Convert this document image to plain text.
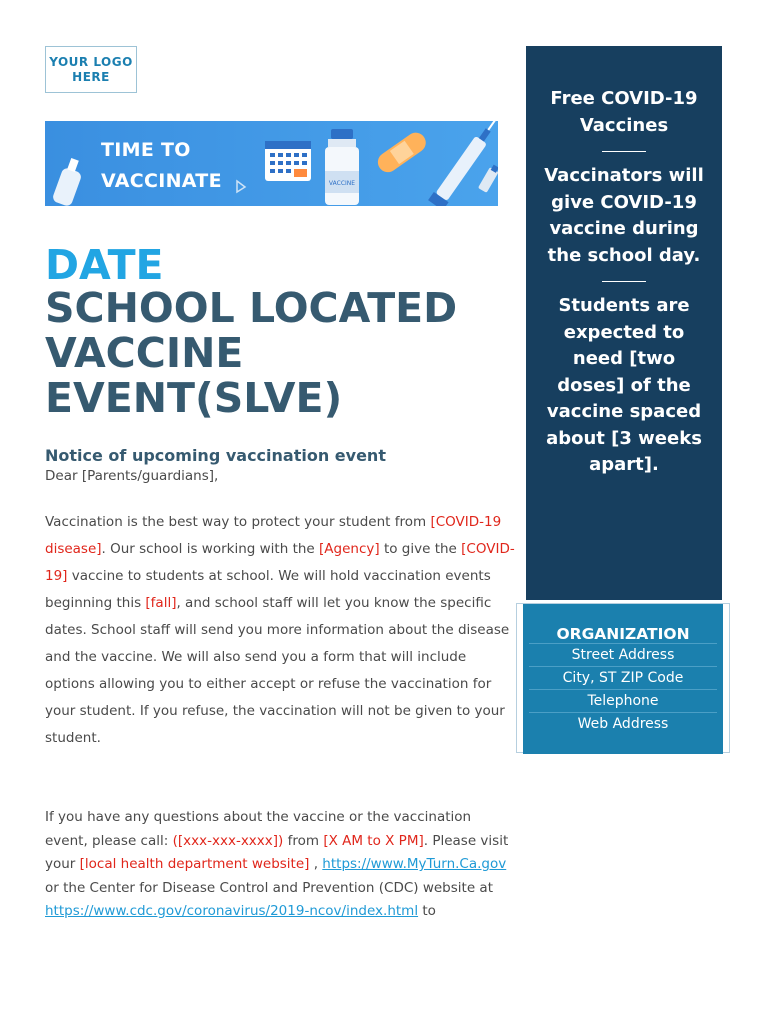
YOUR LOGO
HERE
VACCINE
TIME TO
VACCINATE
DATE
SCHOOL LOCATED
VACCINE
EVENT(SLVE)
Notice of upcoming vaccination event
Dear [Parents/guardians],
Vaccination is the best way to protect your student from [COVID-19 disease]. Our school is working with the [Agency] to give the [COVID-19] vaccine to students at school. We will hold vaccination events beginning this [fall], and school staff will let you know the specific dates. School staff will send you more information about the disease and the vaccine. We will also send you a form that will include options allowing you to either accept or refuse the vaccination for your student. If you refuse, the vaccination will not be given to your student.
If you have any questions about the vaccine or the vaccination event, please call: ([xxx-xxx-xxxx]) from [X AM to X PM]. Please visit your [local health department website] , https://www.MyTurn.Ca.gov or the Center for Disease Control and Prevention (CDC) website at https://www.cdc.gov/coronavirus/2019-ncov/index.html to
Free COVID-19 Vaccines
Vaccinators will give COVID-19 vaccine during the school day.
Students are expected to need [two doses] of the vaccine spaced about [3 weeks apart].
ORGANIZATION
Street Address
City, ST ZIP Code
Telephone
Web Address
